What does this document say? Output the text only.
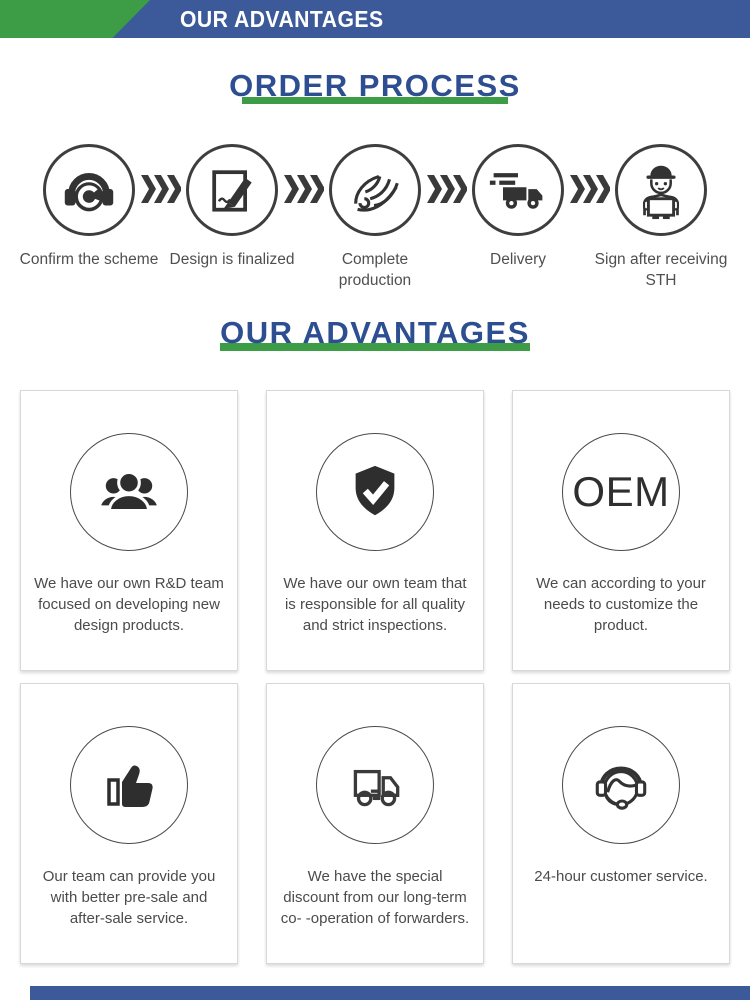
OUR ADVANTAGES
ORDER PROCESS
Confirm the scheme Design is finalized	Complete production
Delivery	Sign after receiving STH
OUR ADVANTAGES
We have our own R&D team focused on developing new design products.
We have our own team that is responsible for all quality and strict inspections.
OEM
We can according to your needs to customize the product.
Our team can provide you with better pre-sale and after-sale service.
We have the special discount from our long-term co- -operation of forwarders.
24-hour customer service.
